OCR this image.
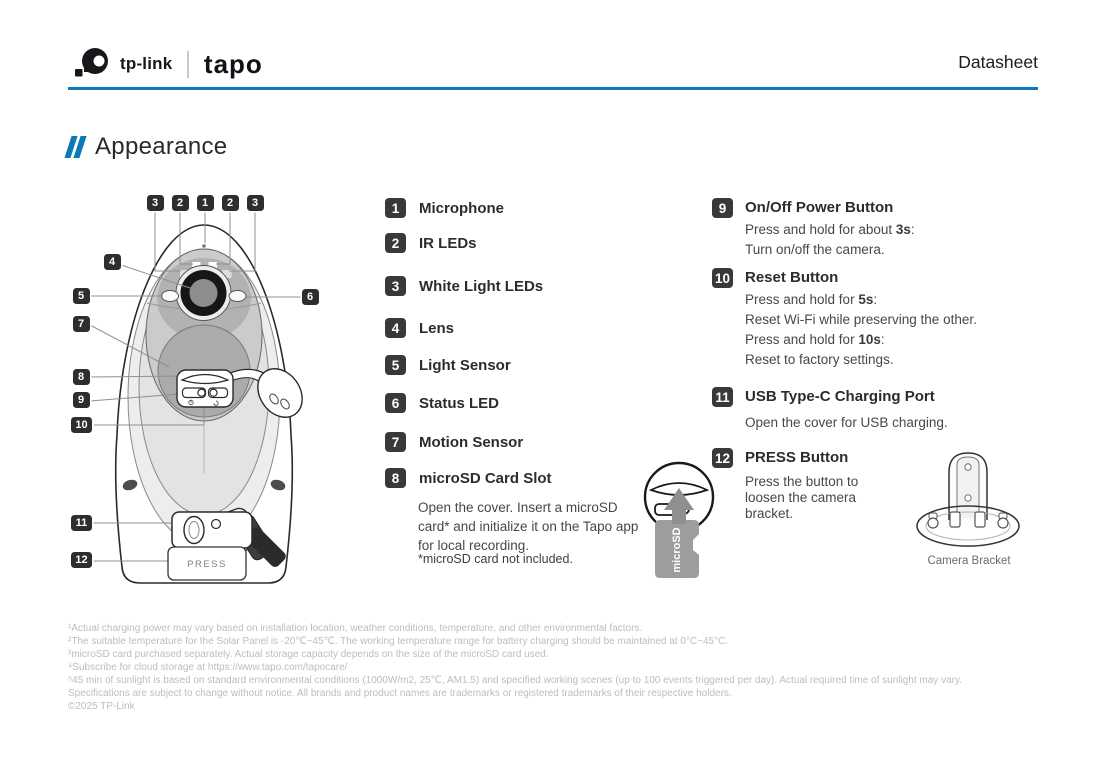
tp-link tapo	Datasheet
Appearance
PRESS
3	2	1	2	3
4
5	6
7
8
9
10
11
12
1	Microphone
2	IR LEDs
3	White Light LEDs
4	Lens
5	Light Sensor
6	Status LED
7	Motion Sensor
8	microSD Card Slot
Open the cover. Insert a microSD card* and initialize it on the Tapo app for local recording.
*microSD card not included.	microSD
9	On/Off Power Button
Press and hold for about 3s:
Turn on/off the camera.
10 Reset Button
Press and hold for 5s:
Reset Wi-Fi while preserving the other.
Press and hold for 10s:
Reset to factory settings.
11 USB Type-C Charging Port
Open the cover for USB charging.
12 PRESS Button
Press the button to loosen the camera bracket.
Camera Bracket
¹Actual charging power may vary based on installation location, weather conditions, temperature, and other environmental factors.
²The suitable temperature for the Solar Panel is -20℃~45℃. The working temperature range for battery charging should be maintained at 0°C~45°C.
³microSD card purchased separately. Actual storage capacity depends on the size of the microSD card used.
⁴Subscribe for cloud storage at https://www.tapo.com/tapocare/
⁵45 min of sunlight is based on standard environmental conditions (1000W/m2, 25℃, AM1.5) and specified working scenes (up to 100 events triggered per day). Actual required time of sunlight may vary.
Specifications are subject to change without notice. All brands and product names are trademarks or registered trademarks of their respective holders.
©2025 TP-Link
